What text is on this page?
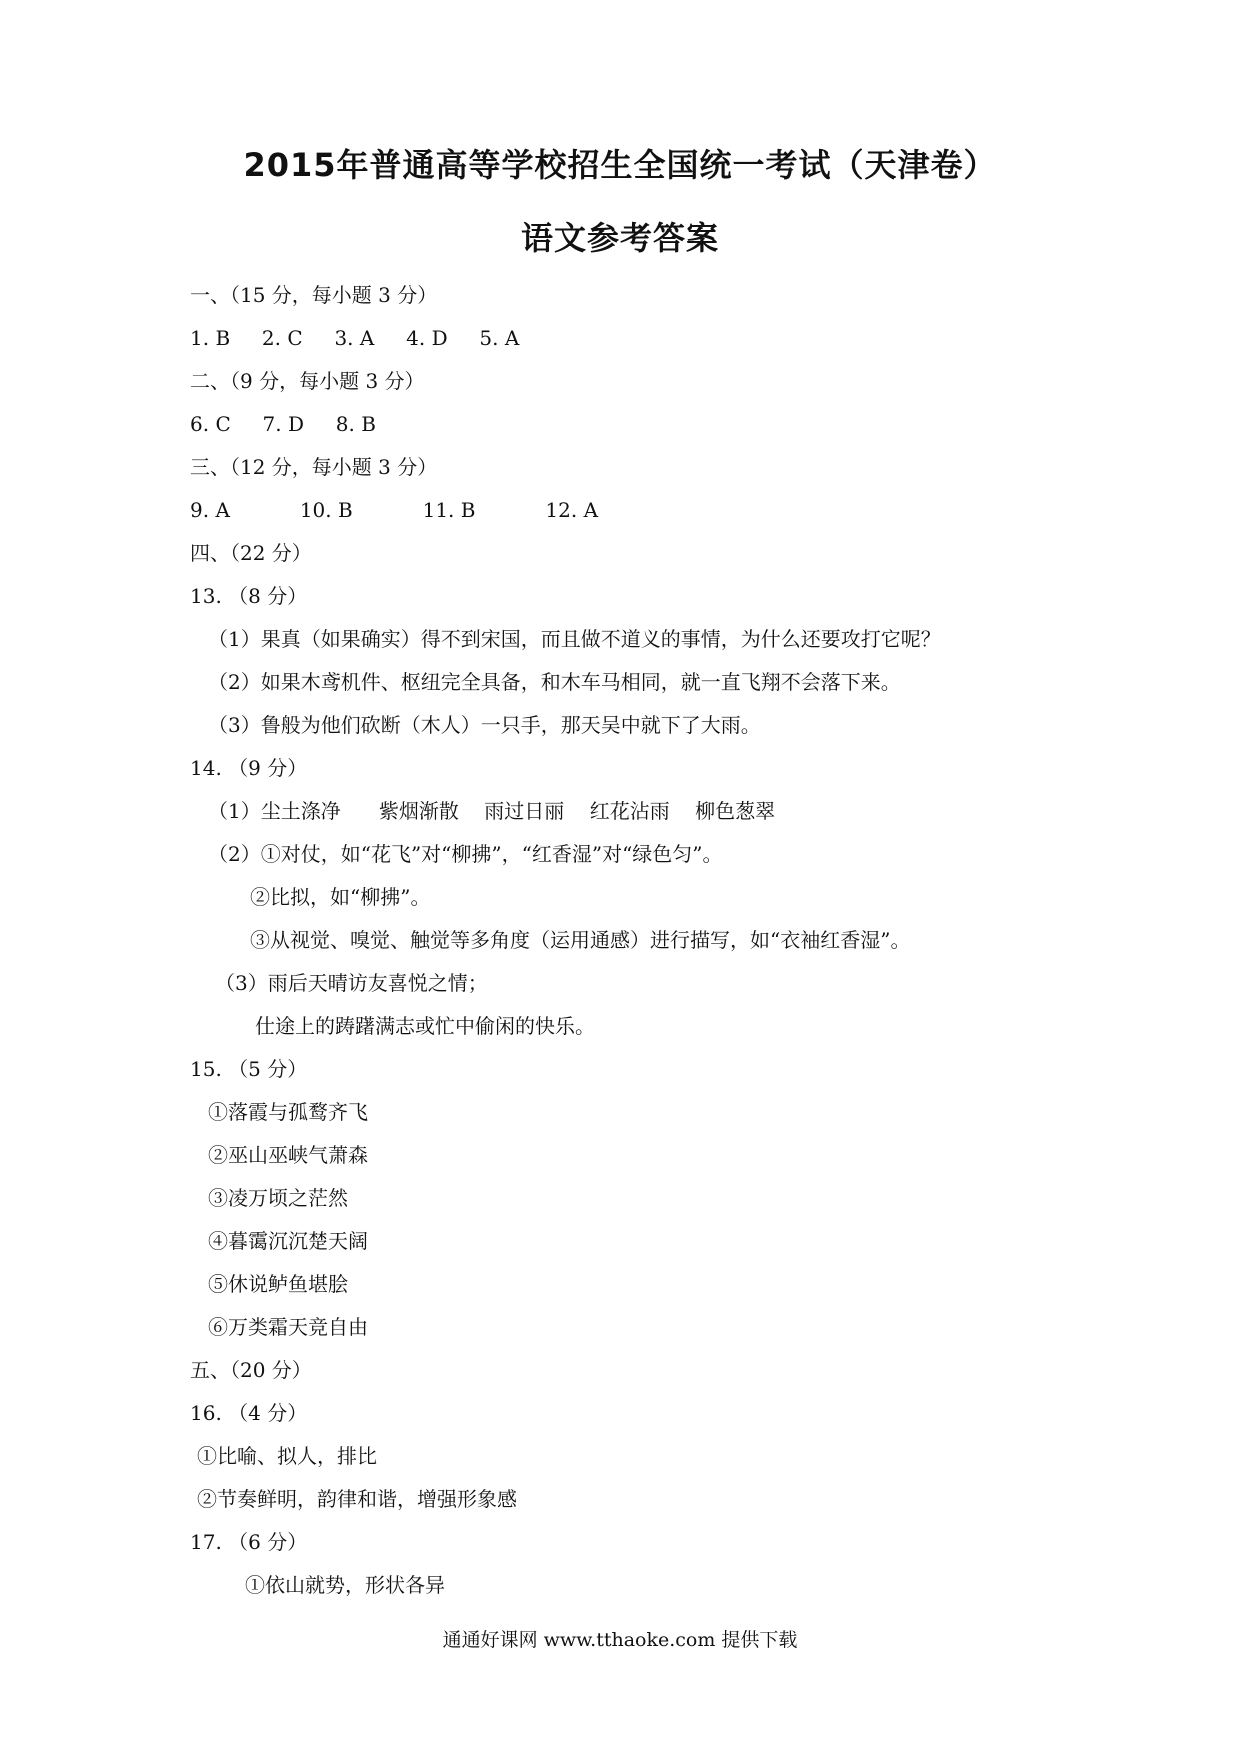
2015年普通高等学校招生全国统一考试（天津卷）
语文参考答案

一、（15 分，每小题 3 分）

1. B     2. C     3. A     4. D     5. A

二、（9 分，每小题 3 分）

6. C     7. D     8. B

三、（12 分，每小题 3 分）

9. A           10. B           11. B           12. A

四、（22 分）

13. （8 分）

（1）果真（如果确实）得不到宋国，而且做不道义的事情，为什么还要攻打它呢？

（2）如果木鸢机件、枢纽完全具备，和木车马相同，就一直飞翔不会落下来。

（3）鲁般为他们砍断（木人）一只手，那天吴中就下了大雨。

14. （9 分）

（1）尘土涤净      紫烟渐散    雨过日丽    红花沾雨    柳色葱翠

（2）①对仗，如“花飞”对“柳拂”，“红香湿”对“绿色匀”。

②比拟，如“柳拂”。

③从视觉、嗅觉、触觉等多角度（运用通感）进行描写，如“衣袖红香湿”。

（3）雨后天晴访友喜悦之情；

仕途上的踌躇满志或忙中偷闲的快乐。

15. （5 分）

①落霞与孤鹜齐飞

②巫山巫峡气萧森

③凌万顷之茫然

④暮霭沉沉楚天阔

⑤休说鲈鱼堪脍

⑥万类霜天竞自由

五、（20 分）

16. （4 分）

①比喻、拟人，排比

②节奏鲜明，韵律和谐，增强形象感

17. （6 分）

①依山就势，形状各异

通通好课网 www.tthaoke.com 提供下载
